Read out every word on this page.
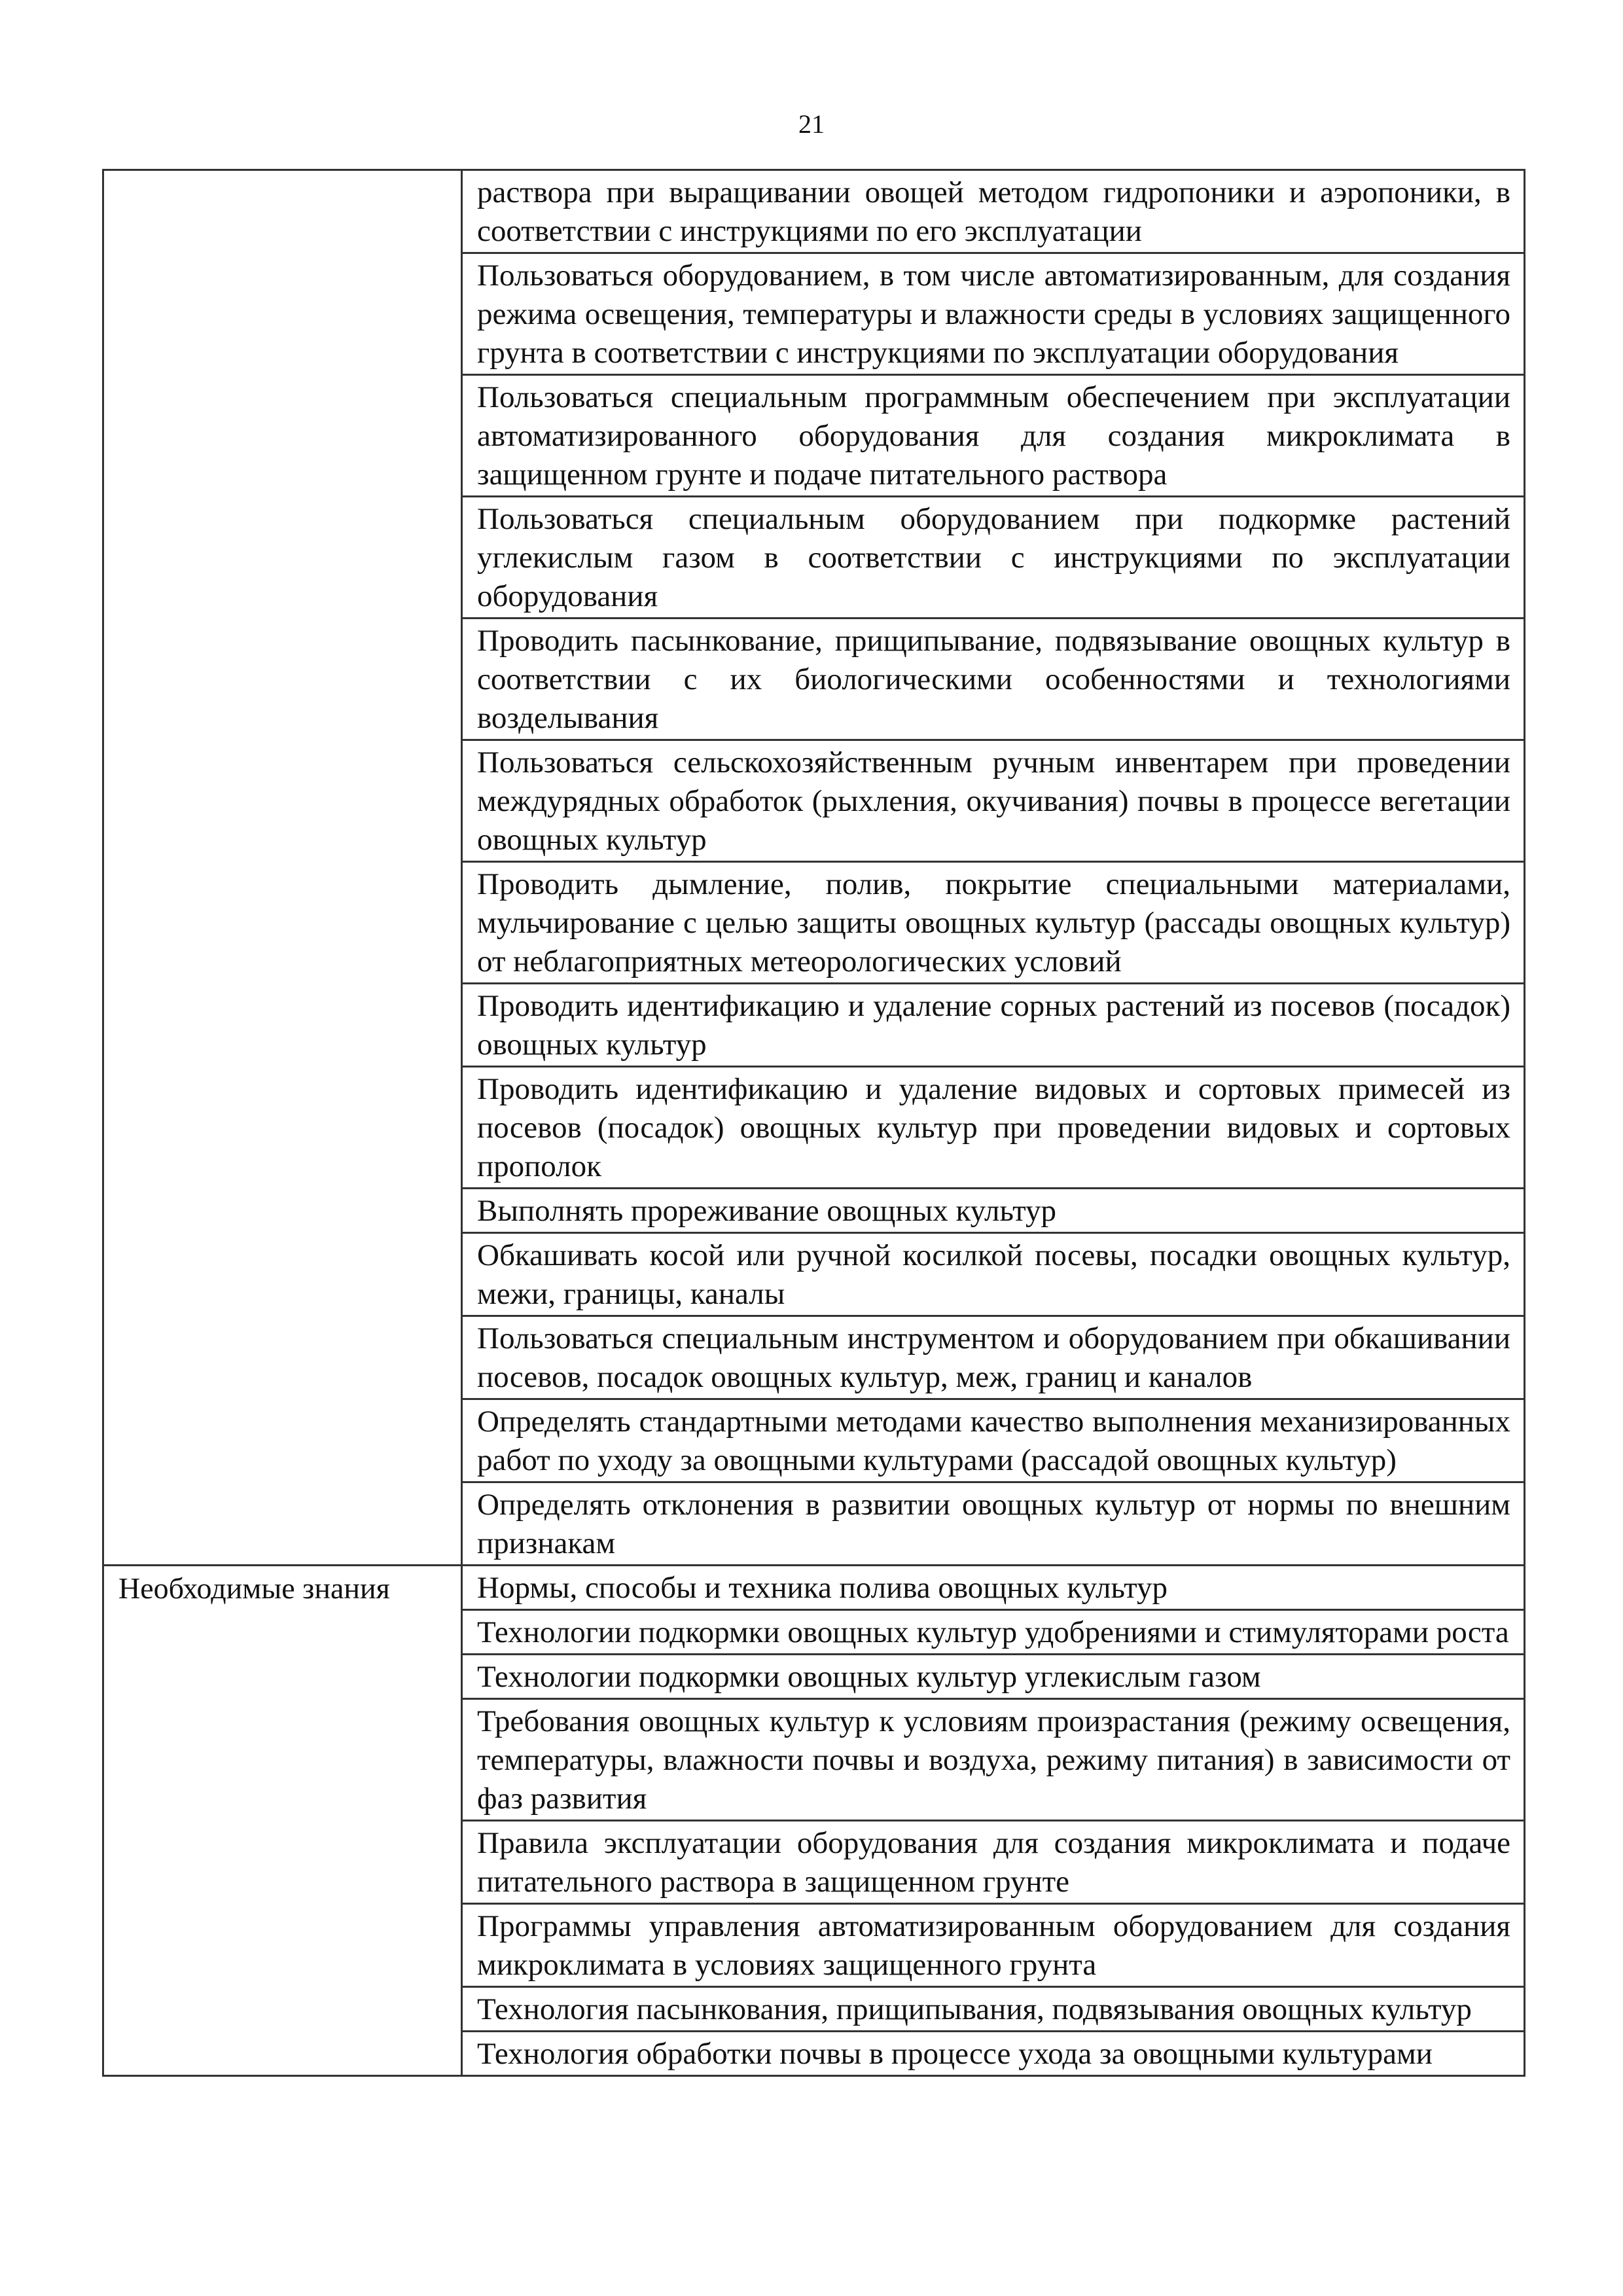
21

	раствора при выращивании овощей методом гидропоники и аэропоники, в соответствии с инструкциями по его эксплуатации

	Пользоваться оборудованием, в том числе автоматизированным, для создания режима освещения, температуры и влажности среды в условиях защищенного грунта в соответствии с инструкциями по эксплуатации оборудования

	Пользоваться специальным программным обеспечением при эксплуатации автоматизированного оборудования для создания микроклимата в защищенном грунте и подаче питательного раствора

	Пользоваться специальным оборудованием при подкормке растений углекислым газом в соответствии с инструкциями по эксплуатации оборудования

	Проводить пасынкование, прищипывание, подвязывание овощных культур в соответствии с их биологическими особенностями и технологиями возделывания

	Пользоваться сельскохозяйственным ручным инвентарем при проведении междурядных обработок (рыхления, окучивания) почвы в процессе вегетации овощных культур

	Проводить дымление, полив, покрытие специальными материалами, мульчирование с целью защиты овощных культур (рассады овощных культур) от неблагоприятных метеорологических условий

	Проводить идентификацию и удаление сорных растений из посевов (посадок) овощных культур

	Проводить идентификацию и удаление видовых и сортовых примесей из посевов (посадок) овощных культур при проведении видовых и сортовых прополок

	Выполнять прореживание овощных культур

	Обкашивать косой или ручной косилкой посевы, посадки овощных культур, межи, границы, каналы

	Пользоваться специальным инструментом и оборудованием при обкашивании посевов, посадок овощных культур, меж, границ и каналов

	Определять стандартными методами качество выполнения механизированных работ по уходу за овощными культурами (рассадой овощных культур)

	Определять отклонения в развитии овощных культур от нормы по внешним признакам

Необходимые знания	Нормы, способы и техника полива овощных культур

	Технологии подкормки овощных культур удобрениями и стимуляторами роста

	Технологии подкормки овощных культур углекислым газом

	Требования овощных культур к условиям произрастания (режиму освещения, температуры, влажности почвы и воздуха, режиму питания) в зависимости от фаз развития

	Правила эксплуатации оборудования для создания микроклимата и подаче питательного раствора в защищенном грунте

	Программы управления автоматизированным оборудованием для создания микроклимата в условиях защищенного грунта

	Технология пасынкования, прищипывания, подвязывания овощных культур

	Технология обработки почвы в процессе ухода за овощными культурами
